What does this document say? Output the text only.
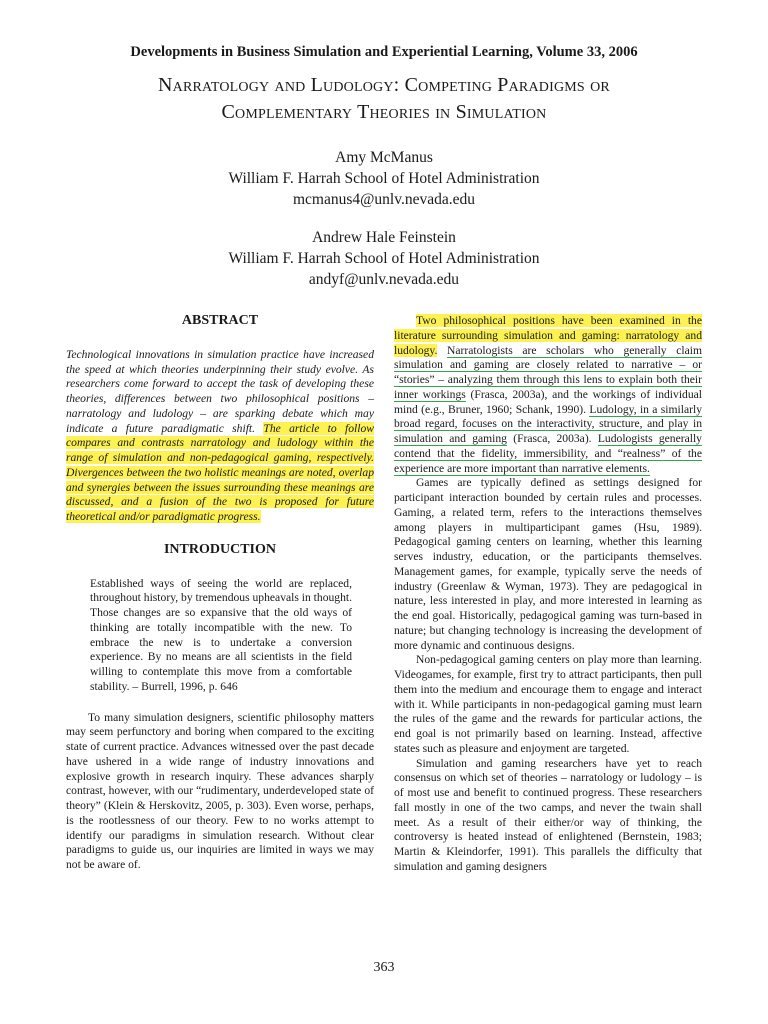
Developments in Business Simulation and Experiential Learning, Volume 33, 2006
Narratology and Ludology: Competing Paradigms or
Complementary Theories in Simulation
Amy McManus
William F. Harrah School of Hotel Administration
mcmanus4@unlv.nevada.edu
Andrew Hale Feinstein
William F. Harrah School of Hotel Administration
andyf@unlv.nevada.edu
ABSTRACT

Technological innovations in simulation practice have increased the speed at which theories underpinning their study evolve. As researchers come forward to accept the task of developing these theories, differences between two philosophical positions – narratology and ludology – are sparking debate which may indicate a future paradigmatic shift. The article to follow compares and contrasts narratology and ludology within the range of simulation and non-pedagogical gaming, respectively. Divergences between the two holistic meanings are noted, overlap and synergies between the issues surrounding these meanings are discussed, and a fusion of the two is proposed for future theoretical and/or paradigmatic progress.

INTRODUCTION

Established ways of seeing the world are replaced, throughout history, by tremendous upheavals in thought. Those changes are so expansive that the old ways of thinking are totally incompatible with the new. To embrace the new is to undertake a conversion experience. By no means are all scientists in the field willing to contemplate this move from a comfortable stability. – Burrell, 1996, p. 646

To many simulation designers, scientific philosophy matters may seem perfunctory and boring when compared to the exciting state of current practice. Advances witnessed over the past decade have ushered in a wide range of industry innovations and explosive growth in research inquiry. These advances sharply contrast, however, with our “rudimentary, underdeveloped state of theory” (Klein & Herskovitz, 2005, p. 303). Even worse, perhaps, is the rootlessness of our theory. Few to no works attempt to identify our paradigms in simulation research. Without clear paradigms to guide us, our inquiries are limited in ways we may not be aware of.

Two philosophical positions have been examined in the literature surrounding simulation and gaming: narratology and ludology. Narratologists are scholars who generally claim simulation and gaming are closely related to narrative – or “stories” – analyzing them through this lens to explain both their inner workings (Frasca, 2003a), and the workings of individual mind (e.g., Bruner, 1960; Schank, 1990). Ludology, in a similarly broad regard, focuses on the interactivity, structure, and play in simulation and gaming (Frasca, 2003a). Ludologists generally contend that the fidelity, immersibility, and “realness” of the experience are more important than narrative elements.

Games are typically defined as settings designed for participant interaction bounded by certain rules and processes. Gaming, a related term, refers to the interactions themselves among players in multiparticipant games (Hsu, 1989). Pedagogical gaming centers on learning, whether this learning serves industry, education, or the participants themselves. Management games, for example, typically serve the needs of industry (Greenlaw & Wyman, 1973). They are pedagogical in nature, less interested in play, and more interested in learning as the end goal. Historically, pedagogical gaming was turn-based in nature; but changing technology is increasing the development of more dynamic and continuous designs.

Non-pedagogical gaming centers on play more than learning. Videogames, for example, first try to attract participants, then pull them into the medium and encourage them to engage and interact with it. While participants in non-pedagogical gaming must learn the rules of the game and the rewards for particular actions, the end goal is not primarily based on learning. Instead, affective states such as pleasure and enjoyment are targeted.

Simulation and gaming researchers have yet to reach consensus on which set of theories – narratology or ludology – is of most use and benefit to continued progress. These researchers fall mostly in one of the two camps, and never the twain shall meet. As a result of their either/or way of thinking, the controversy is heated instead of enlightened (Bernstein, 1983; Martin & Kleindorfer, 1991). This parallels the difficulty that simulation and gaming designers

363
